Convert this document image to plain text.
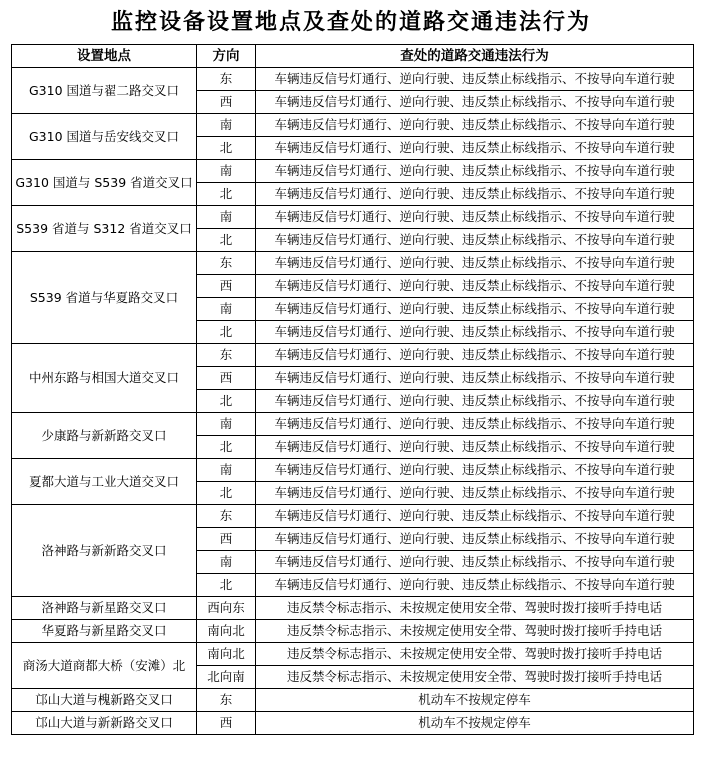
监控设备设置地点及查处的道路交通违法行为
设置地点	方向	查处的道路交通违法行为
G310 国道与翟二路交叉口	东	车辆违反信号灯通行、逆向行驶、违反禁止标线指示、不按导向车道行驶
	西	车辆违反信号灯通行、逆向行驶、违反禁止标线指示、不按导向车道行驶
G310 国道与岳安线交叉口	南	车辆违反信号灯通行、逆向行驶、违反禁止标线指示、不按导向车道行驶
	北	车辆违反信号灯通行、逆向行驶、违反禁止标线指示、不按导向车道行驶
G310 国道与 S539 省道交叉口	南	车辆违反信号灯通行、逆向行驶、违反禁止标线指示、不按导向车道行驶
	北	车辆违反信号灯通行、逆向行驶、违反禁止标线指示、不按导向车道行驶
S539 省道与 S312 省道交叉口	南	车辆违反信号灯通行、逆向行驶、违反禁止标线指示、不按导向车道行驶
	北	车辆违反信号灯通行、逆向行驶、违反禁止标线指示、不按导向车道行驶
S539 省道与华夏路交叉口	东	车辆违反信号灯通行、逆向行驶、违反禁止标线指示、不按导向车道行驶
	西	车辆违反信号灯通行、逆向行驶、违反禁止标线指示、不按导向车道行驶
	南	车辆违反信号灯通行、逆向行驶、违反禁止标线指示、不按导向车道行驶
	北	车辆违反信号灯通行、逆向行驶、违反禁止标线指示、不按导向车道行驶
中州东路与相国大道交叉口	东	车辆违反信号灯通行、逆向行驶、违反禁止标线指示、不按导向车道行驶
	西	车辆违反信号灯通行、逆向行驶、违反禁止标线指示、不按导向车道行驶
	北	车辆违反信号灯通行、逆向行驶、违反禁止标线指示、不按导向车道行驶
少康路与新新路交叉口	南	车辆违反信号灯通行、逆向行驶、违反禁止标线指示、不按导向车道行驶
	北	车辆违反信号灯通行、逆向行驶、违反禁止标线指示、不按导向车道行驶
夏都大道与工业大道交叉口	南	车辆违反信号灯通行、逆向行驶、违反禁止标线指示、不按导向车道行驶
	北	车辆违反信号灯通行、逆向行驶、违反禁止标线指示、不按导向车道行驶
洛神路与新新路交叉口	东	车辆违反信号灯通行、逆向行驶、违反禁止标线指示、不按导向车道行驶
	西	车辆违反信号灯通行、逆向行驶、违反禁止标线指示、不按导向车道行驶
	南	车辆违反信号灯通行、逆向行驶、违反禁止标线指示、不按导向车道行驶
	北	车辆违反信号灯通行、逆向行驶、违反禁止标线指示、不按导向车道行驶
洛神路与新星路交叉口	西向东	违反禁令标志指示、未按规定使用安全带、驾驶时拨打接听手持电话
华夏路与新星路交叉口	南向北	违反禁令标志指示、未按规定使用安全带、驾驶时拨打接听手持电话
商汤大道商都大桥（安滩）北	南向北	违反禁令标志指示、未按规定使用安全带、驾驶时拨打接听手持电话
	北向南	违反禁令标志指示、未按规定使用安全带、驾驶时拨打接听手持电话
邙山大道与槐新路交叉口	东	机动车不按规定停车
邙山大道与新新路交叉口	西	机动车不按规定停车
